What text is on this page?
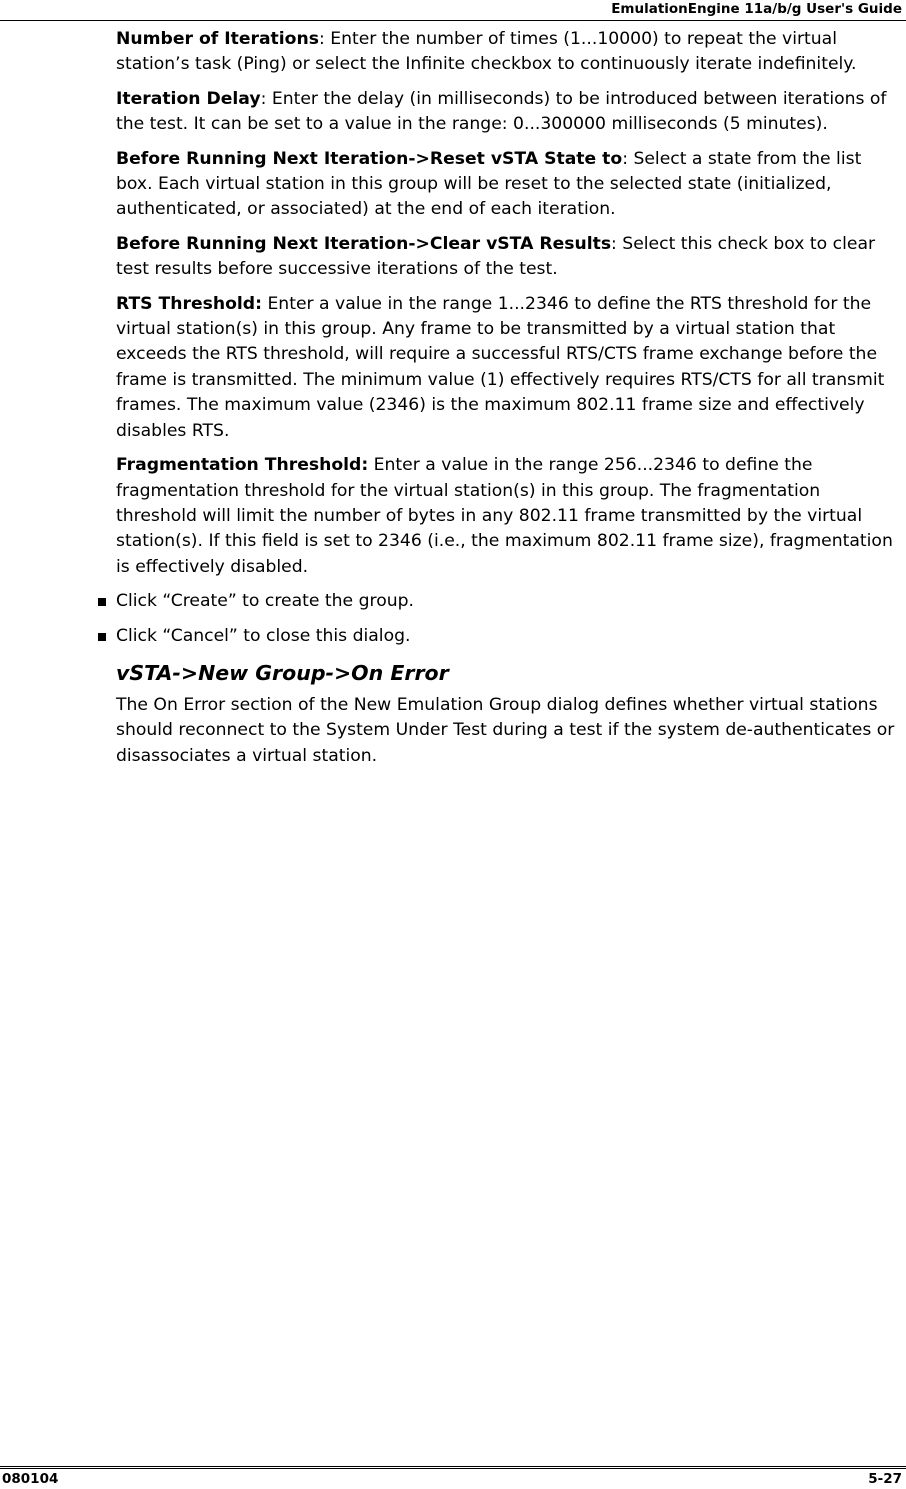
EmulationEngine 11a/b/g User's Guide

Number of Iterations: Enter the number of times (1...10000) to repeat the virtual station’s task (Ping) or select the Infinite checkbox to continuously iterate indefinitely.

Iteration Delay: Enter the delay (in milliseconds) to be introduced between iterations of the test. It can be set to a value in the range: 0...300000 milliseconds (5 minutes).

Before Running Next Iteration->Reset vSTA State to: Select a state from the list box. Each virtual station in this group will be reset to the selected state (initialized, authenticated, or associated) at the end of each iteration.

Before Running Next Iteration->Clear vSTA Results: Select this check box to clear test results before successive iterations of the test.

RTS Threshold: Enter a value in the range 1...2346 to define the RTS threshold for the virtual station(s) in this group. Any frame to be transmitted by a virtual station that exceeds the RTS threshold, will require a successful RTS/CTS frame exchange before the frame is transmitted. The minimum value (1) effectively requires RTS/CTS for all transmit frames. The maximum value (2346) is the maximum 802.11 frame size and effectively disables RTS.

Fragmentation Threshold: Enter a value in the range 256...2346 to define the fragmentation threshold for the virtual station(s) in this group. The fragmentation threshold will limit the number of bytes in any 802.11 frame transmitted by the virtual station(s). If this field is set to 2346 (i.e., the maximum 802.11 frame size), fragmentation is effectively disabled.

Click “Create” to create the group.
Click “Cancel” to close this dialog.
vSTA->New Group->On Error

The On Error section of the New Emulation Group dialog defines whether virtual stations should reconnect to the System Under Test during a test if the system de-authenticates or disassociates a virtual station.

080104	5-27
